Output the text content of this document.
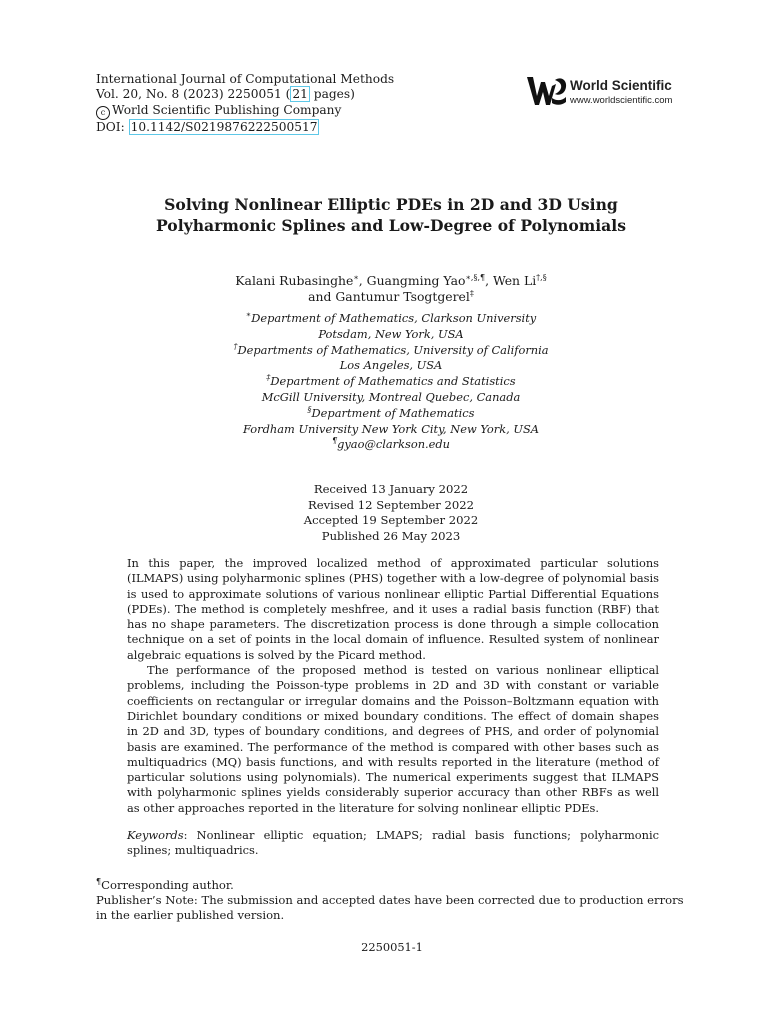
International Journal of Computational Methods
Vol. 20, No. 8 (2023) 2250051 ( 21 pages)
c World Scientific Publishing Company
DOI: 10.1142/S0219876222500517
World Scientific
www.worldscientific.com
Solving Nonlinear Elliptic PDEs in 2D and 3D Using
Polyharmonic Splines and Low-Degree of Polynomials
Kalani Rubasinghe∗, Guangming Yao∗,§,¶, Wen Li†,§
and Gantumur Tsogtgerel‡
∗Department of Mathematics, Clarkson University
Potsdam, New York, USA
†Departments of Mathematics, University of California
Los Angeles, USA
‡Department of Mathematics and Statistics
McGill University, Montreal Quebec, Canada
§Department of Mathematics
Fordham University New York City, New York, USA
¶gyao@clarkson.edu
Received 13 January 2022
Revised 12 September 2022
Accepted 19 September 2022
Published 26 May 2023

In this paper, the improved localized method of approximated particular solutions (ILMAPS) using polyharmonic splines (PHS) together with a low-degree of polynomial basis is used to approximate solutions of various nonlinear elliptic Partial Differential Equations (PDEs). The method is completely meshfree, and it uses a radial basis function (RBF) that has no shape parameters. The discretization process is done through a simple collocation technique on a set of points in the local domain of influence. Resulted system of nonlinear algebraic equations is solved by the Picard method.

The performance of the proposed method is tested on various nonlinear elliptical problems, including the Poisson-type problems in 2D and 3D with constant or variable coefficients on rectangular or irregular domains and the Poisson–Boltzmann equation with Dirichlet boundary conditions or mixed boundary conditions. The effect of domain shapes in 2D and 3D, types of boundary conditions, and degrees of PHS, and order of polynomial basis are examined. The performance of the method is compared with other bases such as multiquadrics (MQ) basis functions, and with results reported in the literature (method of particular solutions using polynomials). The numerical experiments suggest that ILMAPS with polyharmonic splines yields considerably superior accuracy than other RBFs as well as other approaches reported in the literature for solving nonlinear elliptic PDEs.

Keywords: Nonlinear elliptic equation; LMAPS; radial basis functions; polyharmonic splines; multiquadrics.

¶Corresponding author.
Publisher’s Note: The submission and accepted dates have been corrected due to production errors
in the earlier published version.
2250051-1
